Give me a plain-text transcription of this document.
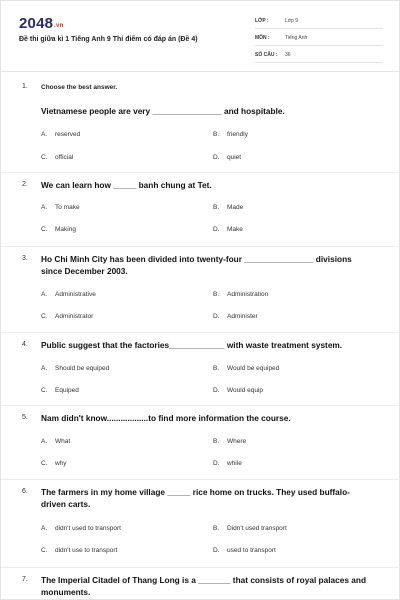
2048.vn
Đề thi giữa kì 1 Tiếng Anh 9 Thí điểm có đáp án (Đề 4)
LỚP :	Lớp 9
MÔN :	Tiếng Anh
SỐ CÂU : 36
1. Choose the best answer.
Vietnamese people are very _______________ and hospitable.
A. reserved	B. friendly
C. official	D. quiet
2. We can learn how _____ banh chung at Tet.
A. To make	B. Made
C. Making	D. Make
3. Ho Chi Minh City has been divided into twenty-four _______________ divisions since December 2003.
A. Administrative	B. Administration
C. Administrator	D. Administer
4. Public suggest that the factories____________ with waste treatment system.
A. Should be equiped	B. Would be equiped
C. Equiped	D. Would equip
5. Nam didn't know..................to find more information the course.
A. What	B. Where
C. why	D. while
6. The farmers in my home village _____ rice home on trucks. They used buffalo-driven carts.
A. didn't used to transport	B. Didn't used transport
C. didn't use to transport	D. used to transport
7. The Imperial Citadel of Thang Long is a _______ that consists of royal palaces and monuments.
